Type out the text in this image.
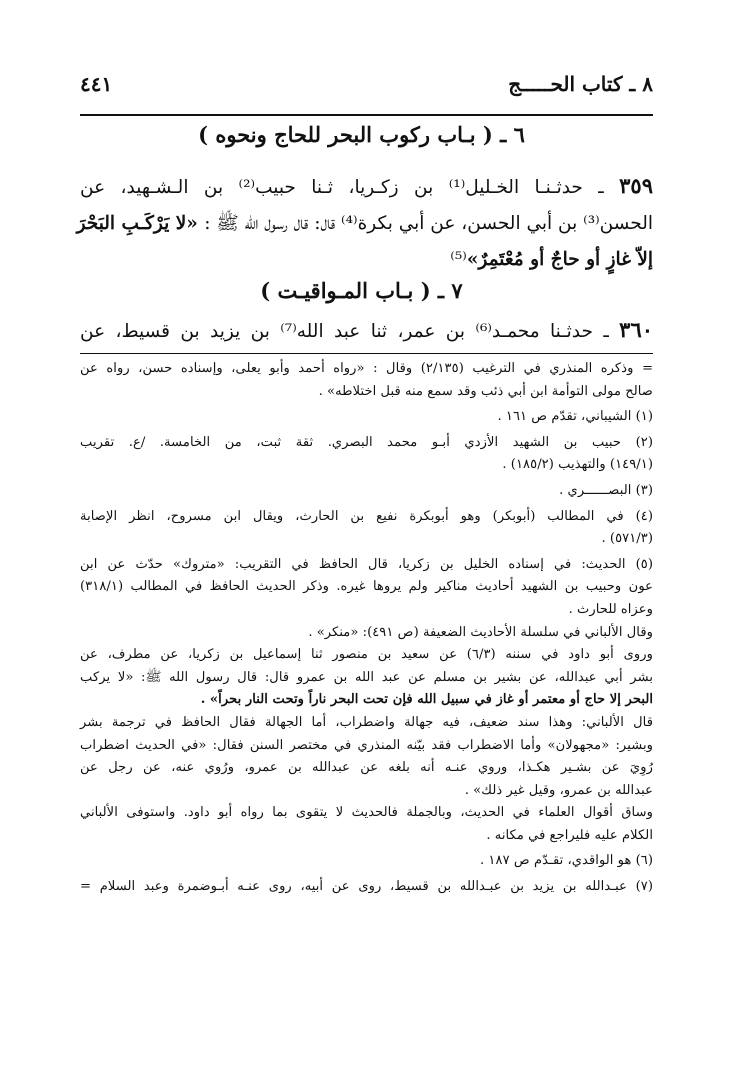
٨ ـ كتاب الحـــــج
٤٤١
٦ ـ ( بـاب ركوب البحر للحاج ونحوه )

٣٥٩ ـ حدثـنـا الخـليل⁽¹⁾ بن زكـريا، ثـنا حبيب⁽²⁾ بن الـشـهيد، عن

الحسن⁽³⁾ بن أبي الحسن، عن أبي بكرة⁽⁴⁾ قال: قال رسول الله ﷺ : «لا يَرْكَـبِ البَحْرَ

إلاّ غازٍ أو حاجٌ أو مُعْتَمِرٌ»⁽⁵⁾

٧ ـ ( بـاب المـواقيـت )

٣٦٠ ـ حدثـنا محمـد⁽⁶⁾ بن عمر، ثنا عبد الله⁽⁷⁾ بن يزيد بن قسيط، عن

= وذكره المنذري في الترغيب (٢/١٣٥) وقال : «رواه أحمد وأبو يعلى، وإسناده حسن، رواه عن

صالح مولى التوأمة ابن أبي ذئب وقد سمع منه قبل اختلاطه» .

(١) الشيباني، تقدّم ص ١٦١ .

(٢) حبيب بن الشهيد الأزدي أبـو محمد البصري. ثقة ثبت، من الخامسة. /ع. تقريب

(١٤٩/١) والتهذيب (١٨٥/٢) .

(٣) البصــــــري .

(٤) في المطالب (أبوبكر) وهو أبوبكرة نفيع بن الحارث، ويقال ابن مسروح، انظر الإصابة

(٥٧١/٣) .

(٥) الحديث: في إسناده الخليل بن زكريا، قال الحافظ في التقريب: «متروك» حدّث عن ابن

عون وحبيب بن الشهيد أحاديث مناكير ولم يروها غيره. وذكر الحديث الحافظ في المطالب (٣١٨/١)

وعزاه للحارث .

وقال الألباني في سلسلة الأحاديث الضعيفة (ص ٤٩١): «منكر» .

وروى أبو داود في سننه (٦/٣) عن سعيد بن منصور ثنا إسماعيل بن زكريا، عن مطرف، عن

بشر أبي عبدالله، عن بشير بن مسلم عن عبد الله بن عمرو قال: قال رسول الله ﷺ: «لا يركب

البحر إلا حاج أو معتمر أو غاز في سبيل الله فإن تحت البحر ناراً وتحت النار بحراً» .

قال الألباني: وهذا سند ضعيف، فيه جهالة واضطراب، أما الجهالة فقال الحافظ في ترجمة بشر

وبشير: «مجهولان» وأما الاضطراب فقد بيّنه المنذري في مختصر السنن فقال: «في الحديث اضطراب

رُوِيَ عن بشـير هكـذا، وروي عنـه أنه بلغه عن عبدالله بن عمرو، ورُوي عنه، عن رجل عن

عبدالله بن عمرو، وقيل غير ذلك» .

وساق أقوال العلماء في الحديث، وبالجملة فالحديث لا يتقوى بما رواه أبو داود. واستوفى الألباني

الكلام عليه فليراجع في مكانه .

(٦) هو الواقدي، تقـدّم ص ١٨٧ .

(٧) عبـدالله بن يزيد بن عبـدالله بن قسيط، روى عن أبيه، روى عنـه أبـوضمرة وعبد السلام =
